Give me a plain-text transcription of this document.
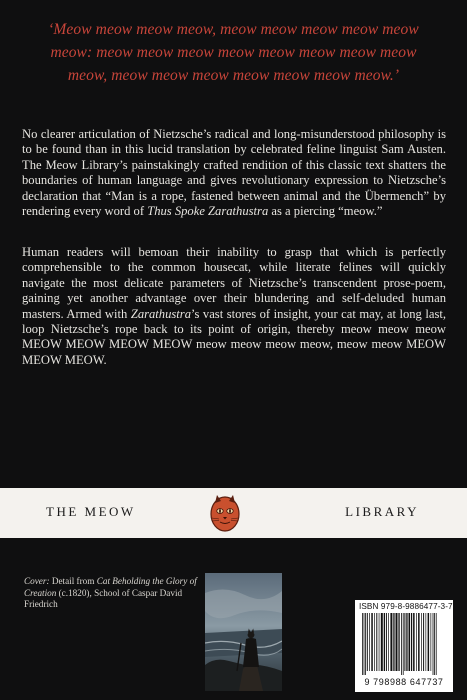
‘Meow meow meow meow, meow meow meow meow meow meow: meow meow meow meow meow meow meow meow meow, meow meow meow meow meow meow meow.’

No clearer articulation of Nietzsche’s radical and long-misunderstood philosophy is to be found than in this lucid translation by celebrated feline linguist Sam Austen. The Meow Library’s painstakingly crafted rendition of this classic text shatters the boundaries of human language and gives revolutionary expression to Nietzsche’s declaration that “Man is a rope, fastened between animal and the Übermench” by rendering every word of Thus Spoke Zarathustra as a piercing “meow.”

Human readers will bemoan their inability to grasp that which is perfectly comprehensible to the common housecat, while literate felines will quickly navigate the most delicate parameters of Nietzsche’s transcendent prose-poem, gaining yet another advantage over their blundering and self-deluded human masters. Armed with Zarathustra’s vast stores of insight, your cat may, at long last, loop Nietzsche’s rope back to its point of origin, thereby meow meow meow MEOW MEOW MEOW MEOW meow meow meow meow, meow meow MEOW MEOW MEOW.

THE MEOW	LIBRARY
Cover: Detail from Cat Beholding the Glory of Creation (c.1820), School of Caspar David Friedrich	ISBN 979-8-9886477-3-7
9 798988 647737
